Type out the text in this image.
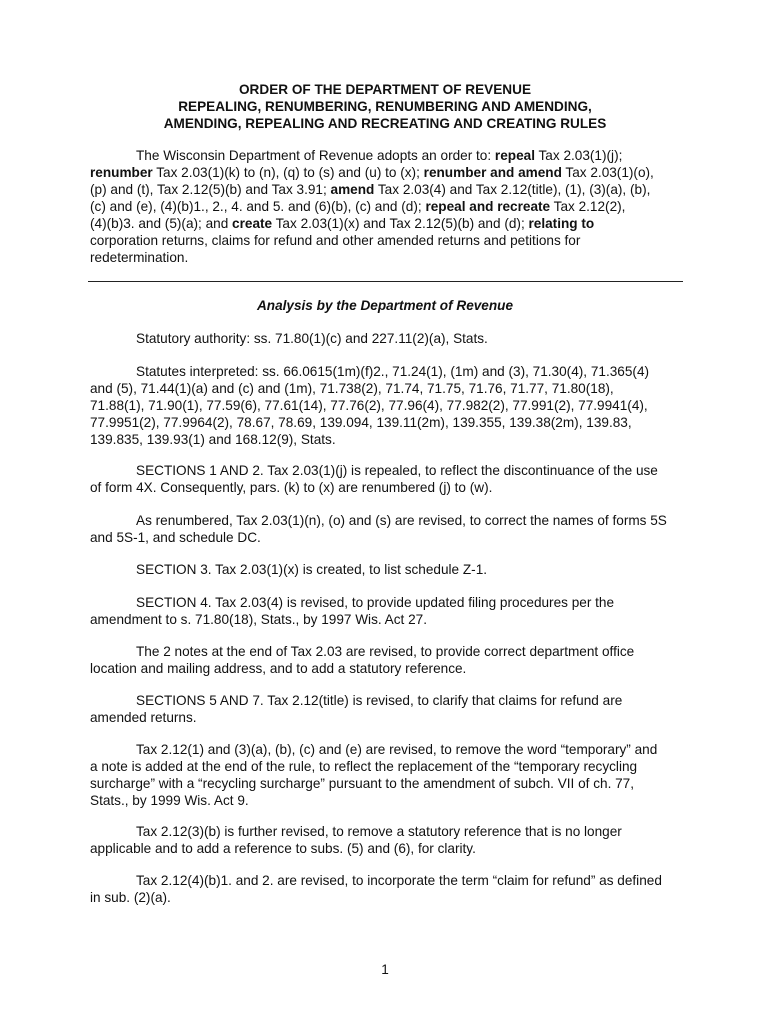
ORDER OF THE DEPARTMENT OF REVENUE
REPEALING, RENUMBERING, RENUMBERING AND AMENDING,
AMENDING, REPEALING AND RECREATING AND CREATING RULES
The Wisconsin Department of Revenue adopts an order to: repeal Tax 2.03(1)(j);
renumber Tax 2.03(1)(k) to (n), (q) to (s) and (u) to (x); renumber and amend Tax 2.03(1)(o),
(p) and (t), Tax 2.12(5)(b) and Tax 3.91; amend Tax 2.03(4) and Tax 2.12(title), (1), (3)(a), (b),
(c) and (e), (4)(b)1., 2., 4. and 5. and (6)(b), (c) and (d); repeal and recreate Tax 2.12(2),
(4)(b)3. and (5)(a); and create Tax 2.03(1)(x) and Tax 2.12(5)(b) and (d); relating to
corporation returns, claims for refund and other amended returns and petitions for
redetermination.
Analysis by the Department of Revenue
Statutory authority: ss. 71.80(1)(c) and 227.11(2)(a), Stats.
Statutes interpreted: ss. 66.0615(1m)(f)2., 71.24(1), (1m) and (3), 71.30(4), 71.365(4)
and (5), 71.44(1)(a) and (c) and (1m), 71.738(2), 71.74, 71.75, 71.76, 71.77, 71.80(18),
71.88(1), 71.90(1), 77.59(6), 77.61(14), 77.76(2), 77.96(4), 77.982(2), 77.991(2), 77.9941(4),
77.9951(2), 77.9964(2), 78.67, 78.69, 139.094, 139.11(2m), 139.355, 139.38(2m), 139.83,
139.835, 139.93(1) and 168.12(9), Stats.
SECTIONS 1 AND 2. Tax 2.03(1)(j) is repealed, to reflect the discontinuance of the use
of form 4X. Consequently, pars. (k) to (x) are renumbered (j) to (w).
As renumbered, Tax 2.03(1)(n), (o) and (s) are revised, to correct the names of forms 5S
and 5S-1, and schedule DC.
SECTION 3. Tax 2.03(1)(x) is created, to list schedule Z-1.
SECTION 4. Tax 2.03(4) is revised, to provide updated filing procedures per the
amendment to s. 71.80(18), Stats., by 1997 Wis. Act 27.
The 2 notes at the end of Tax 2.03 are revised, to provide correct department office
location and mailing address, and to add a statutory reference.
SECTIONS 5 AND 7. Tax 2.12(title) is revised, to clarify that claims for refund are
amended returns.
Tax 2.12(1) and (3)(a), (b), (c) and (e) are revised, to remove the word “temporary” and
a note is added at the end of the rule, to reflect the replacement of the “temporary recycling
surcharge” with a “recycling surcharge” pursuant to the amendment of subch. VII of ch. 77,
Stats., by 1999 Wis. Act 9.
Tax 2.12(3)(b) is further revised, to remove a statutory reference that is no longer
applicable and to add a reference to subs. (5) and (6), for clarity.
Tax 2.12(4)(b)1. and 2. are revised, to incorporate the term “claim for refund” as defined
in sub. (2)(a).
1
